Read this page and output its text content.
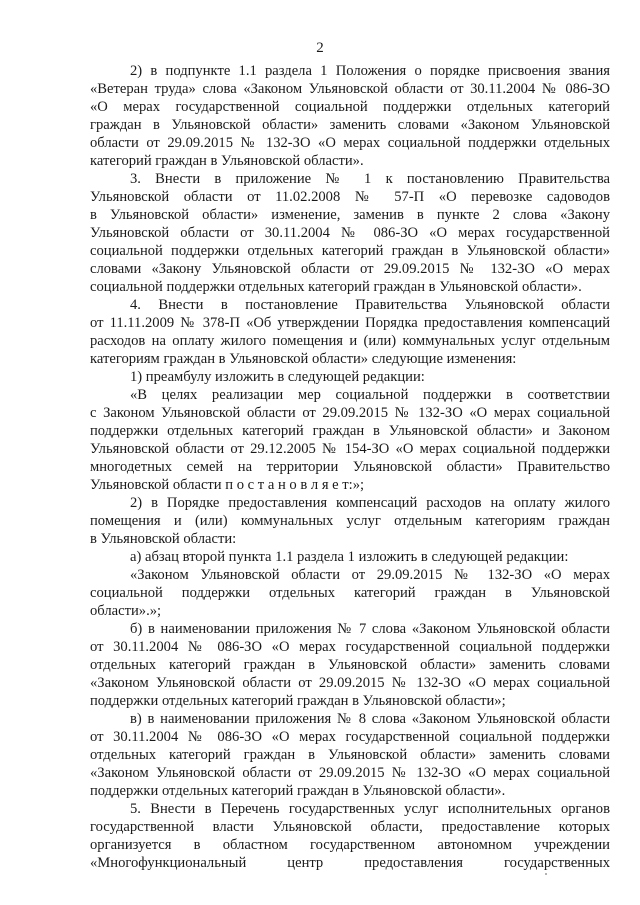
2
2) в подпункте 1.1 раздела 1 Положения о порядке присвоения звания
«Ветеран труда» слова «Законом Ульяновской области от 30.11.2004 № 086-ЗО
«О мерах государственной социальной поддержки отдельных категорий
граждан в Ульяновской области» заменить словами «Законом Ульяновской
области от 29.09.2015 № 132-ЗО «О мерах социальной поддержки отдельных
категорий граждан в Ульяновской области».
3. Внести в приложение № 1 к постановлению Правительства
Ульяновской области от 11.02.2008 № 57-П «О перевозке садоводов
в Ульяновской области» изменение, заменив в пункте 2 слова «Закону
Ульяновской области от 30.11.2004 № 086-ЗО «О мерах государственной
социальной поддержки отдельных категорий граждан в Ульяновской области»
словами «Закону Ульяновской области от 29.09.2015 № 132-ЗО «О мерах
социальной поддержки отдельных категорий граждан в Ульяновской области».
4. Внести в постановление Правительства Ульяновской области
от 11.11.2009 № 378-П «Об утверждении Порядка предоставления компенсаций
расходов на оплату жилого помещения и (или) коммунальных услуг отдельным
категориям граждан в Ульяновской области» следующие изменения:
1) преамбулу изложить в следующей редакции:
«В целях реализации мер социальной поддержки в соответствии
с Законом Ульяновской области от 29.09.2015 № 132-ЗО «О мерах социальной
поддержки отдельных категорий граждан в Ульяновской области» и Законом
Ульяновской области от 29.12.2005 № 154-ЗО «О мерах социальной поддержки
многодетных семей на территории Ульяновской области» Правительство
Ульяновской области п о с т а н о в л я е т:»;
2) в Порядке предоставления компенсаций расходов на оплату жилого
помещения и (или) коммунальных услуг отдельным категориям граждан
в Ульяновской области:
а) абзац второй пункта 1.1 раздела 1 изложить в следующей редакции:
«Законом Ульяновской области от 29.09.2015 № 132-ЗО «О мерах
социальной поддержки отдельных категорий граждан в Ульяновской
области».»;
б) в наименовании приложения № 7 слова «Законом Ульяновской области
от 30.11.2004 № 086-ЗО «О мерах государственной социальной поддержки
отдельных категорий граждан в Ульяновской области» заменить словами
«Законом Ульяновской области от 29.09.2015 № 132-ЗО «О мерах социальной
поддержки отдельных категорий граждан в Ульяновской области»;
в) в наименовании приложения № 8 слова «Законом Ульяновской области
от 30.11.2004 № 086-ЗО «О мерах государственной социальной поддержки
отдельных категорий граждан в Ульяновской области» заменить словами
«Законом Ульяновской области от 29.09.2015 № 132-ЗО «О мерах социальной
поддержки отдельных категорий граждан в Ульяновской области».
5. Внести в Перечень государственных услуг исполнительных органов
государственной власти Ульяновской области, предоставление которых
организуется в областном государственном автономном учреждении
«Многофункциональный центр предоставления государственных
